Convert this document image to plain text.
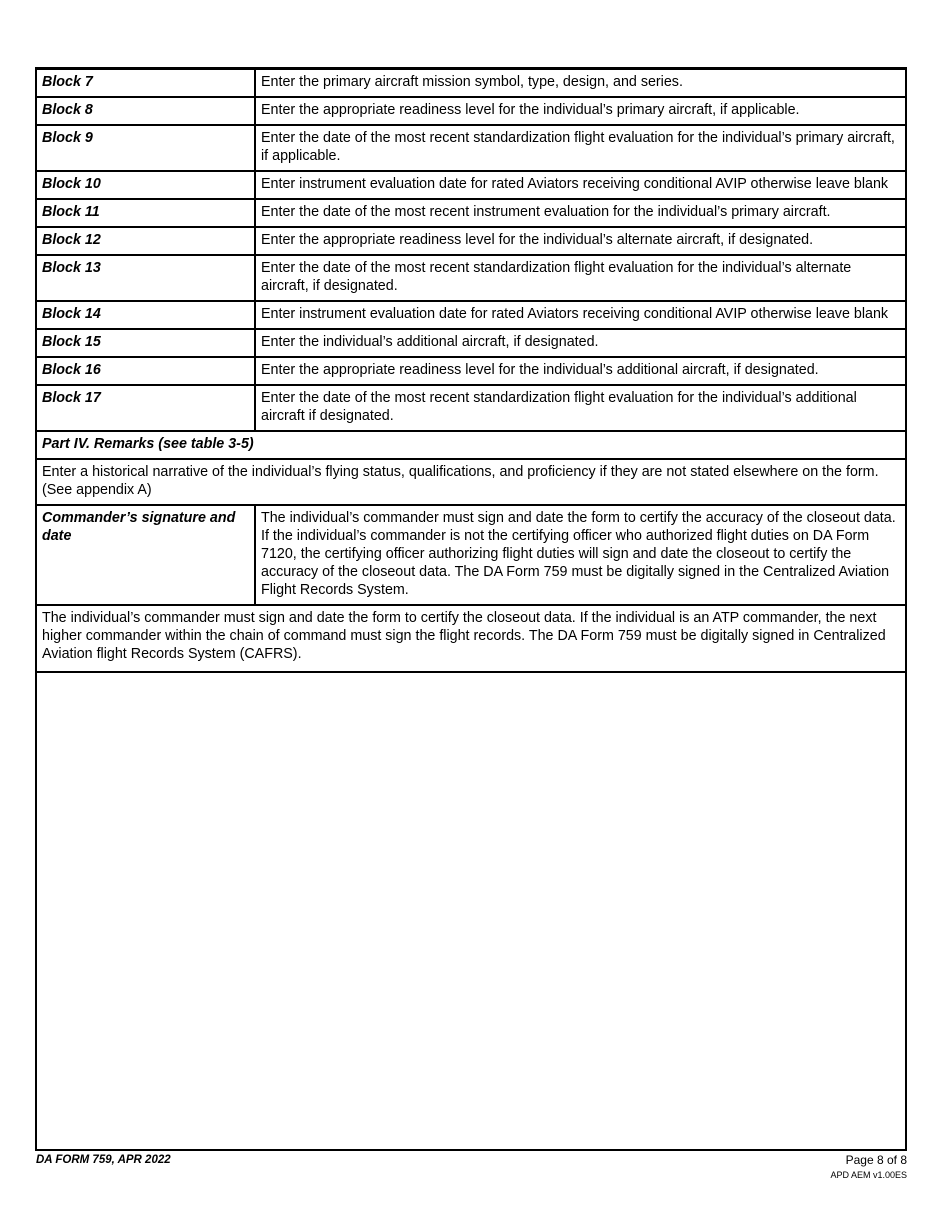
Block 7	Enter the primary aircraft mission symbol, type, design, and series.
Block 8	Enter the appropriate readiness level for the individual’s primary aircraft, if applicable.
Block 9	Enter the date of the most recent standardization flight evaluation for the individual’s primary aircraft, if applicable.
Block 10	Enter instrument evaluation date for rated Aviators receiving conditional AVIP otherwise leave blank
Block 11	Enter the date of the most recent instrument evaluation for the individual’s primary aircraft.
Block 12	Enter the appropriate readiness level for the individual’s alternate aircraft, if designated.
Block 13	Enter the date of the most recent standardization flight evaluation for the individual’s alternate aircraft, if designated.
Block 14	Enter instrument evaluation date for rated Aviators receiving conditional AVIP otherwise leave blank
Block 15	Enter the individual’s additional aircraft, if designated.
Block 16	Enter the appropriate readiness level for the individual’s additional aircraft, if designated.
Block 17	Enter the date of the most recent standardization flight evaluation for the individual’s additional aircraft if designated.
Part IV. Remarks (see table 3-5)	
Enter a historical narrative of the individual’s flying status, qualifications, and proficiency if they are not stated elsewhere on the form. (See appendix A)	
Commander’s signature and date	The individual’s commander must sign and date the form to certify the accuracy of the closeout data. If the individual’s commander is not the certifying officer who authorized flight duties on DA Form 7120, the certifying officer authorizing flight duties will sign and date the closeout to certify the accuracy of the closeout data. The DA Form 759 must be digitally signed in the Centralized Aviation Flight Records System.
The individual’s commander must sign and date the form to certify the closeout data. If the individual is an ATP commander, the next higher commander within the chain of command must sign the flight records. The DA Form 759 must be digitally signed in Centralized Aviation flight Records System (CAFRS).	
DA FORM 759, APR 2022	Page 8 of 8
APD AEM v1.00ES
